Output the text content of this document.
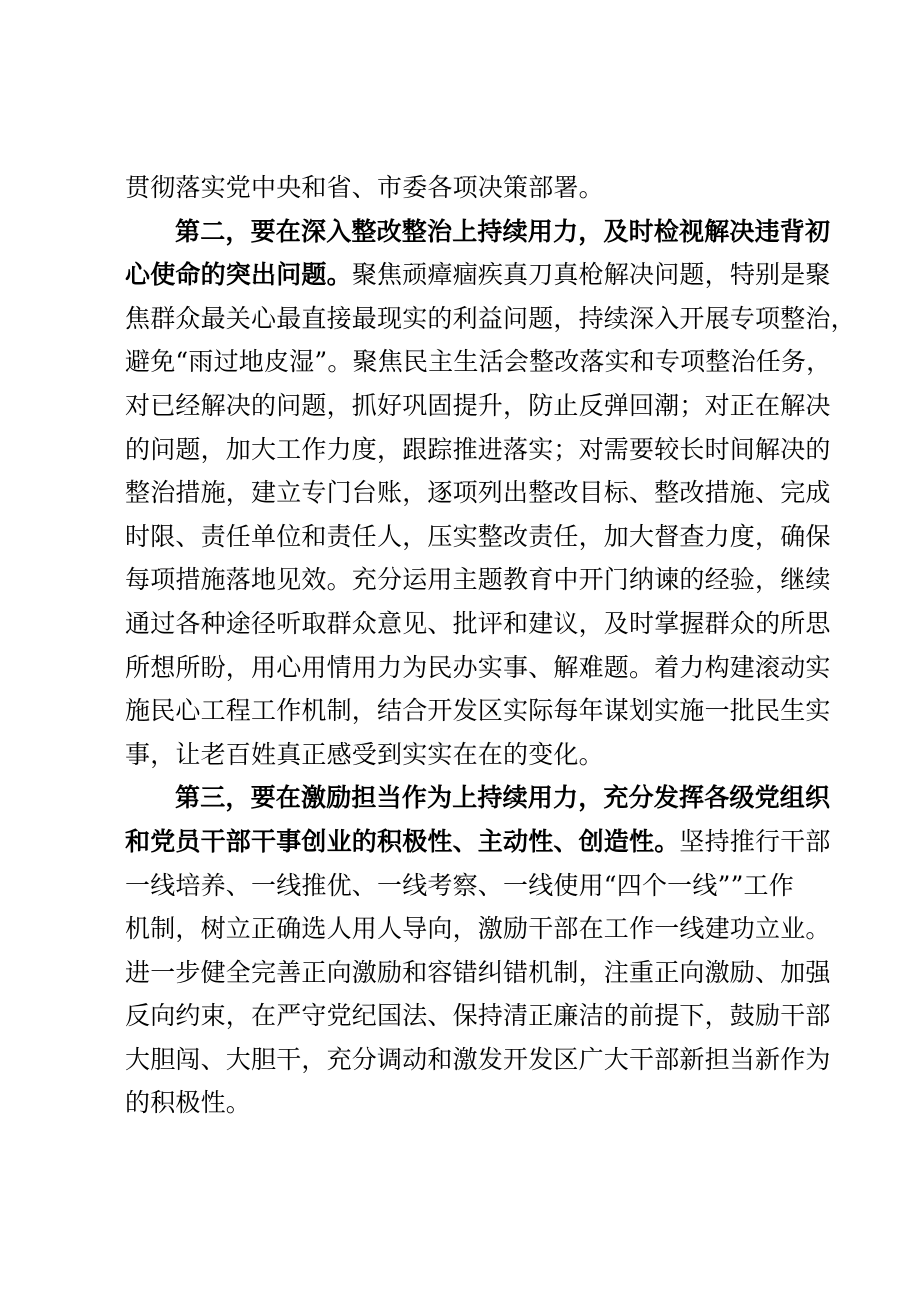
贯彻落实党中央和省、市委各项决策部署。
第二，要在深入整改整治上持续用力，及时检视解决违背初
心使命的突出问题。聚焦顽瘴痼疾真刀真枪解决问题，特别是聚
焦群众最关心最直接最现实的利益问题，持续深入开展专项整治，
避免“雨过地皮湿”。聚焦民主生活会整改落实和专项整治任务，
对已经解决的问题，抓好巩固提升，防止反弹回潮；对正在解决
的问题，加大工作力度，跟踪推进落实；对需要较长时间解决的
整治措施，建立专门台账，逐项列出整改目标、整改措施、完成
时限、责任单位和责任人，压实整改责任，加大督查力度，确保
每项措施落地见效。充分运用主题教育中开门纳谏的经验，继续
通过各种途径听取群众意见、批评和建议，及时掌握群众的所思
所想所盼，用心用情用力为民办实事、解难题。着力构建滚动实
施民心工程工作机制，结合开发区实际每年谋划实施一批民生实
事，让老百姓真正感受到实实在在的变化。
第三，要在激励担当作为上持续用力，充分发挥各级党组织
和党员干部干事创业的积极性、主动性、创造性。坚持推行干部
一线培养、一线推优、一线考察、一线使用“四个一线””工作
机制，树立正确选人用人导向，激励干部在工作一线建功立业。
进一步健全完善正向激励和容错纠错机制，注重正向激励、加强
反向约束，在严守党纪国法、保持清正廉洁的前提下，鼓励干部
大胆闯、大胆干，充分调动和激发开发区广大干部新担当新作为
的积极性。
